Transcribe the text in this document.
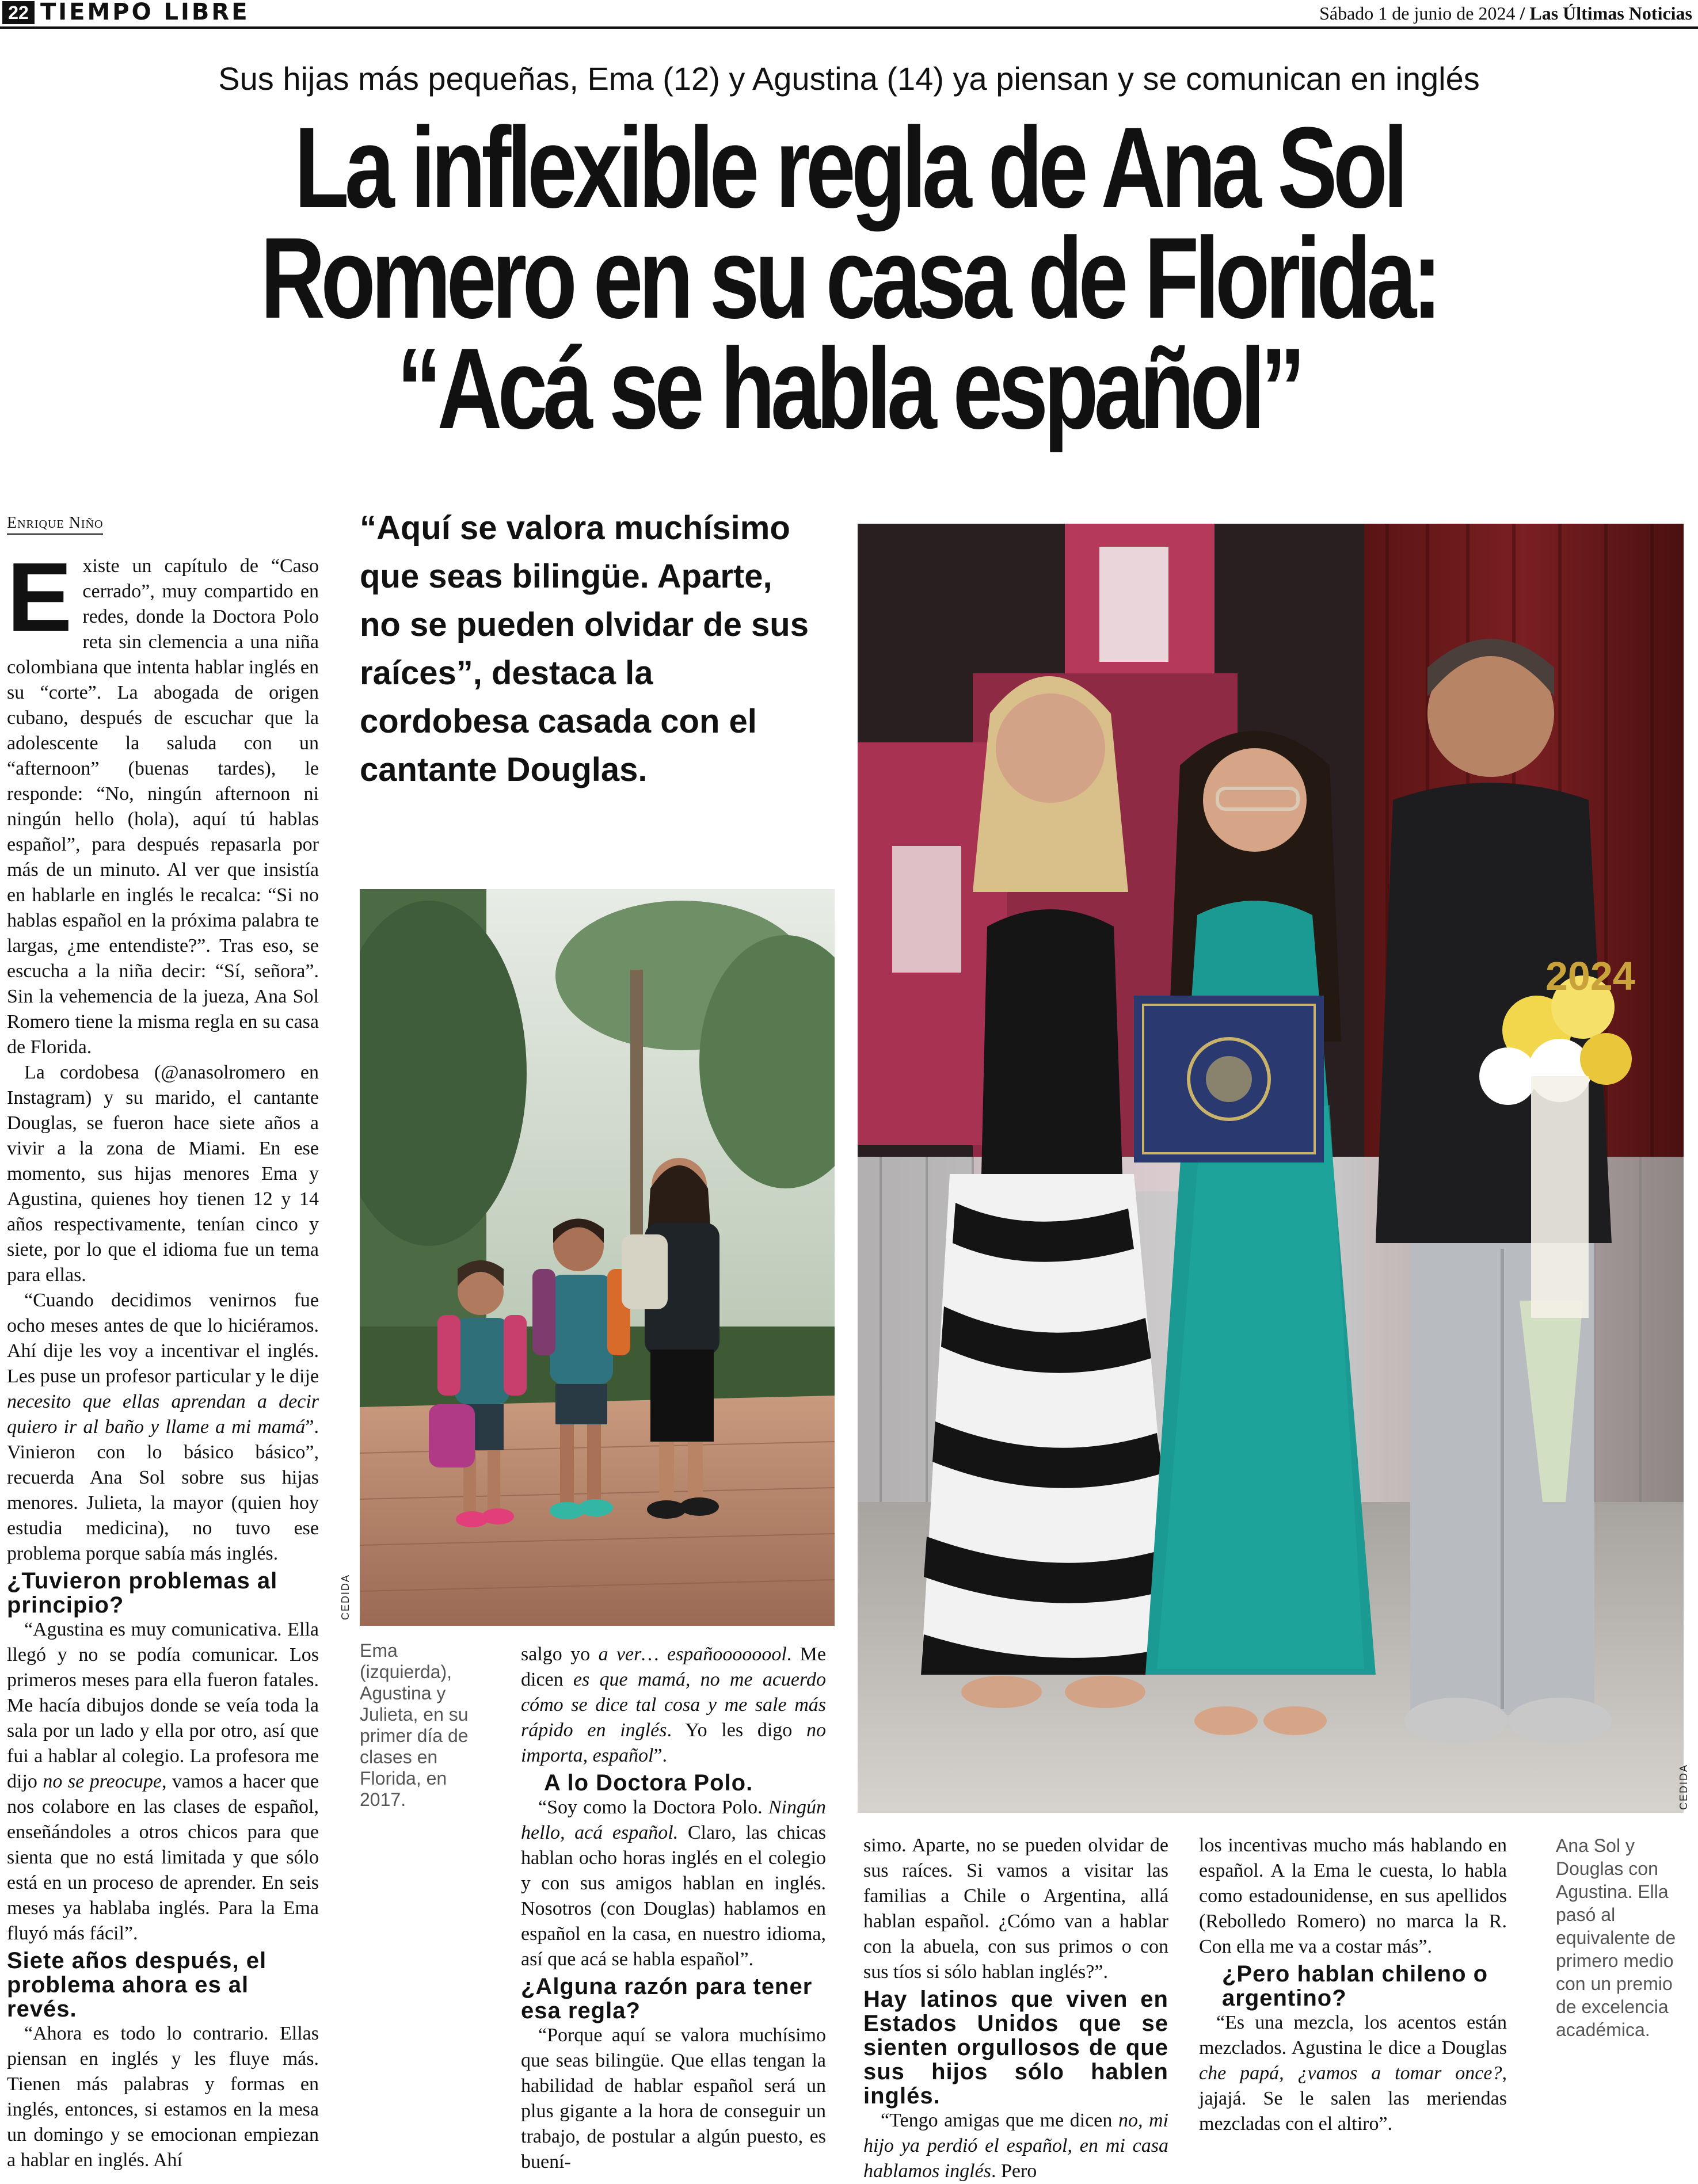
22 TIEMPO LIBRE	Sábado 1 de junio de 2024 / Las Últimas Noticias
Sus hijas más pequeñas, Ema (12) y Agustina (14) ya piensan y se comunican en inglés
La inflexible regla de Ana Sol
Romero en su casa de Florida:
“Acá se habla español”
Enrique Niño

Existe un capítulo de “Caso cerrado”, muy compartido en redes, donde la Doctora Polo reta sin clemencia a una niña colombiana que intenta hablar inglés en su “corte”. La abogada de origen cubano, después de escuchar que la adolescente la saluda con un “afternoon” (buenas tardes), le responde: “No, ningún afternoon ni ningún hello (hola), aquí tú hablas español”, para después repasarla por más de un minuto. Al ver que insistía en hablarle en inglés le recalca: “Si no hablas español en la próxima palabra te largas, ¿me entendiste?”. Tras eso, se escucha a la niña decir: “Sí, señora”. Sin la vehemencia de la jueza, Ana Sol Romero tiene la misma regla en su casa de Florida.

La cordobesa (@anasolromero en Instagram) y su marido, el cantante Douglas, se fueron hace siete años a vivir a la zona de Miami. En ese momento, sus hijas menores Ema y Agustina, quienes hoy tienen 12 y 14 años respectivamente, tenían cinco y siete, por lo que el idioma fue un tema para ellas.

“Cuando decidimos venirnos fue ocho meses antes de que lo hiciéramos. Ahí dije les voy a incentivar el inglés. Les puse un profesor particular y le dije necesito que ellas aprendan a decir quiero ir al baño y llame a mi mamá”. Vinieron con lo básico básico”, recuerda Ana Sol sobre sus hijas menores. Julieta, la mayor (quien hoy estudia medicina), no tuvo ese problema porque sabía más inglés.

¿Tuvieron problemas al principio?

“Agustina es muy comunicativa. Ella llegó y no se podía comunicar. Los primeros meses para ella fueron fatales. Me hacía dibujos donde se veía toda la sala por un lado y ella por otro, así que fui a hablar al colegio. La profesora me dijo no se preocupe, vamos a hacer que nos colabore en las clases de español, enseñándoles a otros chicos para que sienta que no está limitada y que sólo está en un proceso de aprender. En seis meses ya hablaba inglés. Para la Ema fluyó más fácil”.

Siete años después, el problema ahora es al revés.

“Ahora es todo lo contrario. Ellas piensan en inglés y les fluye más. Tienen más palabras y formas en inglés, entonces, si estamos en la mesa un domingo y se emocionan empiezan a hablar en inglés. Ahí

“Aquí se valora muchísimo que seas bilingüe. Aparte, no se pueden olvidar de sus raíces”, destaca la cordobesa casada con el cantante Douglas.
CEDIDA
Ema (izquierda), Agustina y Julieta, en su primer día de clases en Florida, en 2017.

salgo yo a ver… españoooooool. Me dicen es que mamá, no me acuerdo cómo se dice tal cosa y me sale más rápido en inglés. Yo les digo no importa, español”.

A lo Doctora Polo.

“Soy como la Doctora Polo. Ningún hello, acá español. Claro, las chicas hablan ocho horas inglés en el colegio y con sus amigos hablan en inglés. Nosotros (con Douglas) hablamos en español en la casa, en nuestro idioma, así que acá se habla español”.

¿Alguna razón para tener esa regla?

“Porque aquí se valora muchísimo que seas bilingüe. Que ellas tengan la habilidad de hablar español será un plus gigante a la hora de conseguir un trabajo, de postular a algún puesto, es buení-

2024
CEDIDA

simo. Aparte, no se pueden olvidar de sus raíces. Si vamos a visitar las familias a Chile o Argentina, allá hablan español. ¿Cómo van a hablar con la abuela, con sus primos o con sus tíos si sólo hablan inglés?”.

Hay latinos que viven en Estados Unidos que se sienten orgullosos de que sus hijos sólo hablen inglés.

“Tengo amigas que me dicen no, mi hijo ya perdió el español, en mi casa hablamos inglés. Pero

los incentivas mucho más hablando en español. A la Ema le cuesta, lo habla como estadounidense, en sus apellidos (Rebolledo Romero) no marca la R. Con ella me va a costar más”.

¿Pero hablan chileno o argentino?

“Es una mezcla, los acentos están mezclados. Agustina le dice a Douglas che papá, ¿vamos a tomar once?, jajajá. Se le salen las meriendas mezcladas con el altiro”.

Ana Sol y Douglas con Agustina. Ella pasó al equivalente de primero medio con un premio de excelencia académica.
